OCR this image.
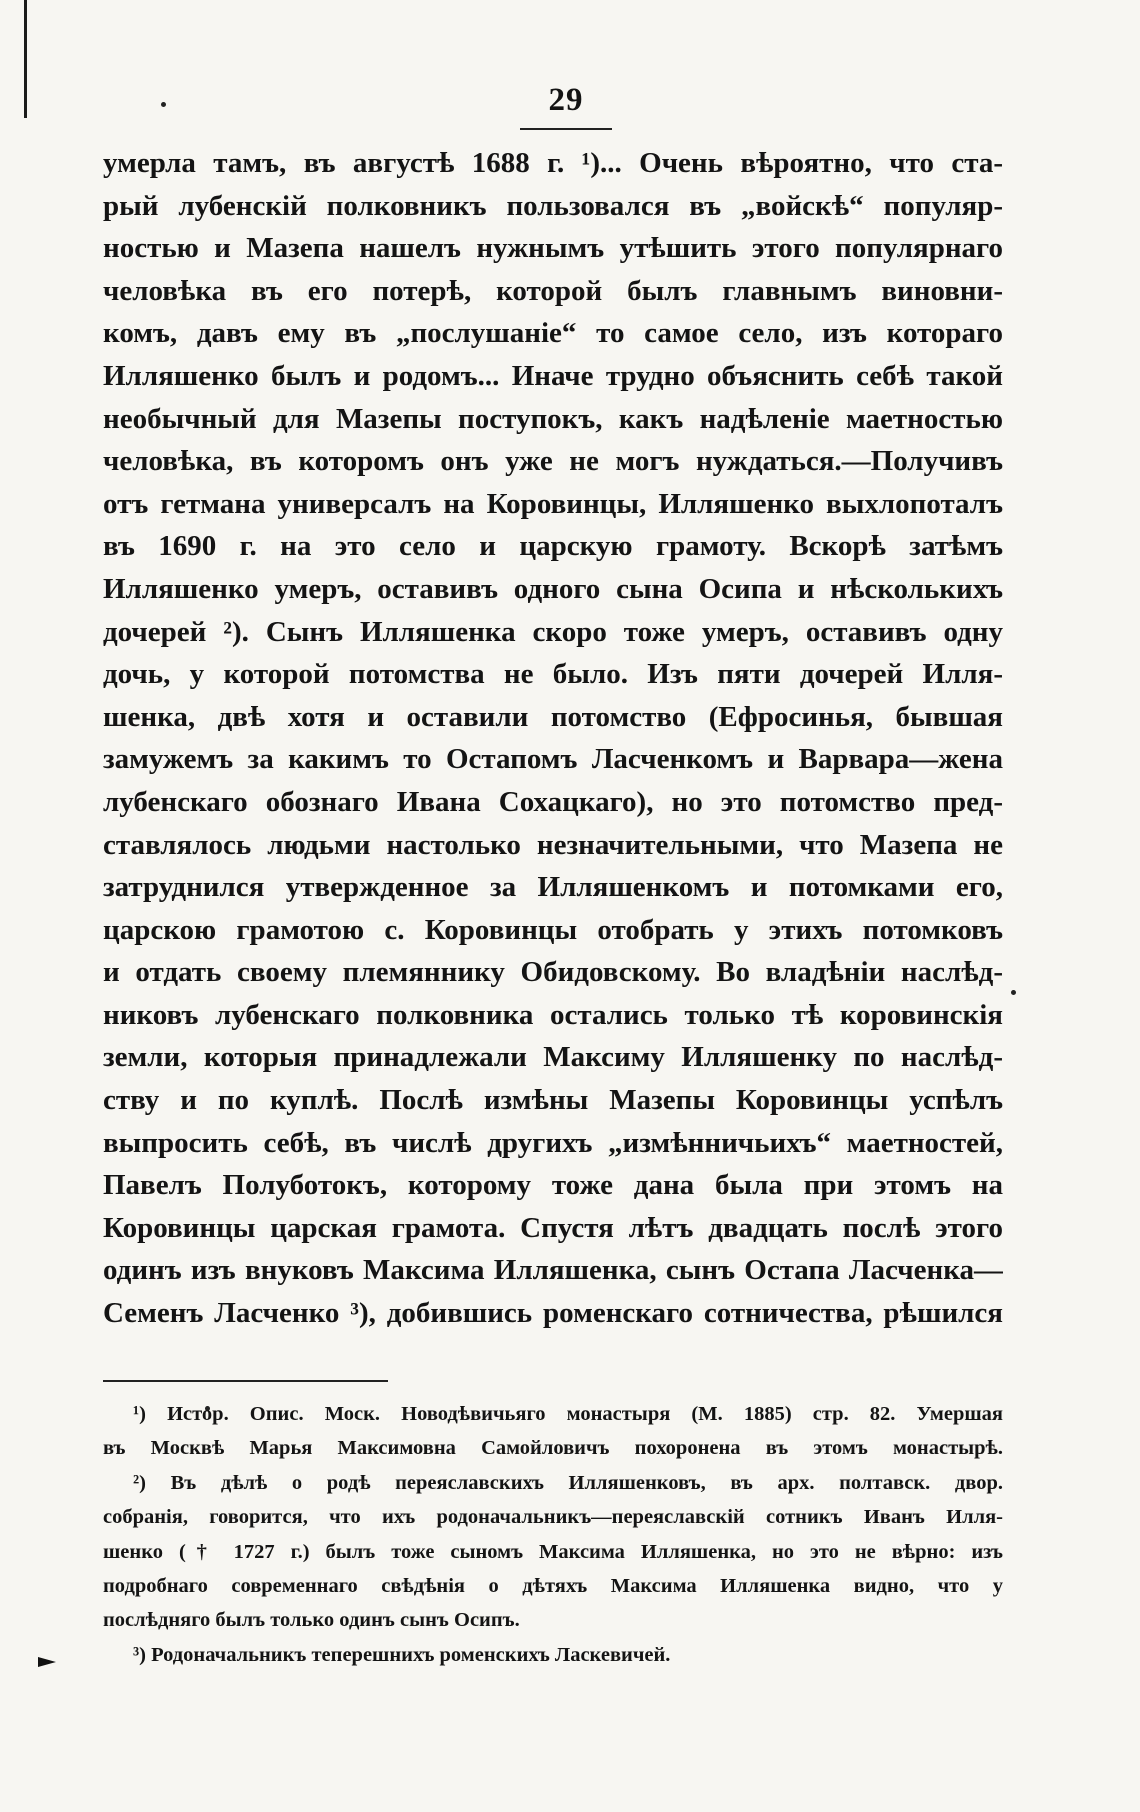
29
умерла тамъ, въ августѣ 1688 г. ¹)... Очень вѣроятно, что ста-
рый лубенскій полковникъ пользовался въ „войскѣ“ популяр-
ностью и Мазепа нашелъ нужнымъ утѣшить этого популярнаго
человѣка въ его потерѣ, которой былъ главнымъ виновни-
комъ, давъ ему въ „послушаніе“ то самое село, изъ котораго
Илляшенко былъ и родомъ... Иначе трудно объяснить себѣ такой
необычный для Мазепы поступокъ, какъ надѣленіе маетностью
человѣка, въ которомъ онъ уже не могъ нуждаться.—Получивъ
отъ гетмана универсалъ на Коровинцы, Илляшенко выхлопоталъ
въ 1690 г. на это село и царскую грамоту. Вскорѣ затѣмъ
Илляшенко умеръ, оставивъ одного сына Осипа и нѣсколькихъ
дочерей ²). Сынъ Илляшенка скоро тоже умеръ, оставивъ одну
дочь, у которой потомства не было. Изъ пяти дочерей Илля-
шенка, двѣ хотя и оставили потомство (Ефросинья, бывшая
замужемъ за какимъ то Остапомъ Ласченкомъ и Варвара—жена
лубенскаго обознаго Ивана Сохацкаго), но это потомство пред-
ставлялось людьми настолько незначительными, что Мазепа не
затруднился утвержденное за Илляшенкомъ и потомками его,
царскою грамотою с. Коровинцы отобрать у этихъ потомковъ
и отдать своему племяннику Обидовскому. Во владѣніи наслѣд-
никовъ лубенскаго полковника остались только тѣ коровинскія
земли, которыя принадлежали Максиму Илляшенку по наслѣд-
ству и по куплѣ. Послѣ измѣны Мазепы Коровинцы успѣлъ
выпросить себѣ, въ числѣ другихъ „измѣнничьихъ“ маетностей,
Павелъ Полуботокъ, которому тоже дана была при этомъ на
Коровинцы царская грамота. Спустя лѣтъ двадцать послѣ этого
одинъ изъ внуковъ Максима Илляшенка, сынъ Остапа Ласченка—
Семенъ Ласченко ³), добившись роменскаго сотничества, рѣшился
¹) Истор. Опис. Моск. Новодѣвичьяго монастыря (М. 1885) стр. 82. Умершая
въ Москвѣ Марья Максимовна Самойловичъ похоронена въ этомъ монастырѣ.
²) Въ дѣлѣ о родѣ переяславскихъ Илляшенковъ, въ арх. полтавск. двор.
собранія, говорится, что ихъ родоначальникъ—переяславскій сотникъ Иванъ Илля-
шенко († 1727 г.) былъ тоже сыномъ Максима Илляшенка, но это не вѣрно: изъ
подробнаго современнаго свѣдѣнія о дѣтяхъ Максима Илляшенка видно, что у
послѣдняго былъ только одинъ сынъ Осипъ.
³) Родоначальникъ теперешнихъ роменскихъ Ласкевичей.
